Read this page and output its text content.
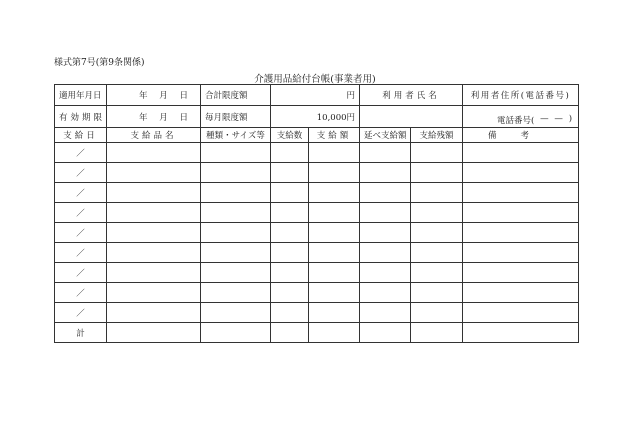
様式第7号(第9条関係)
介護用品給付台帳(事業者用)
適用年月日	年 月 日	合計限度額	円		利用者氏名		利用者住所(電話番号)
有効期限	年 月 日	毎月限度額	10,000円				電話番号( — — )

支給日	支給品名	種類・サイズ等	支給数	支給額	延べ支給額	支給残額	備考
／							
／							
／							
／							
／							
／							
／							
／							
／							
計							
